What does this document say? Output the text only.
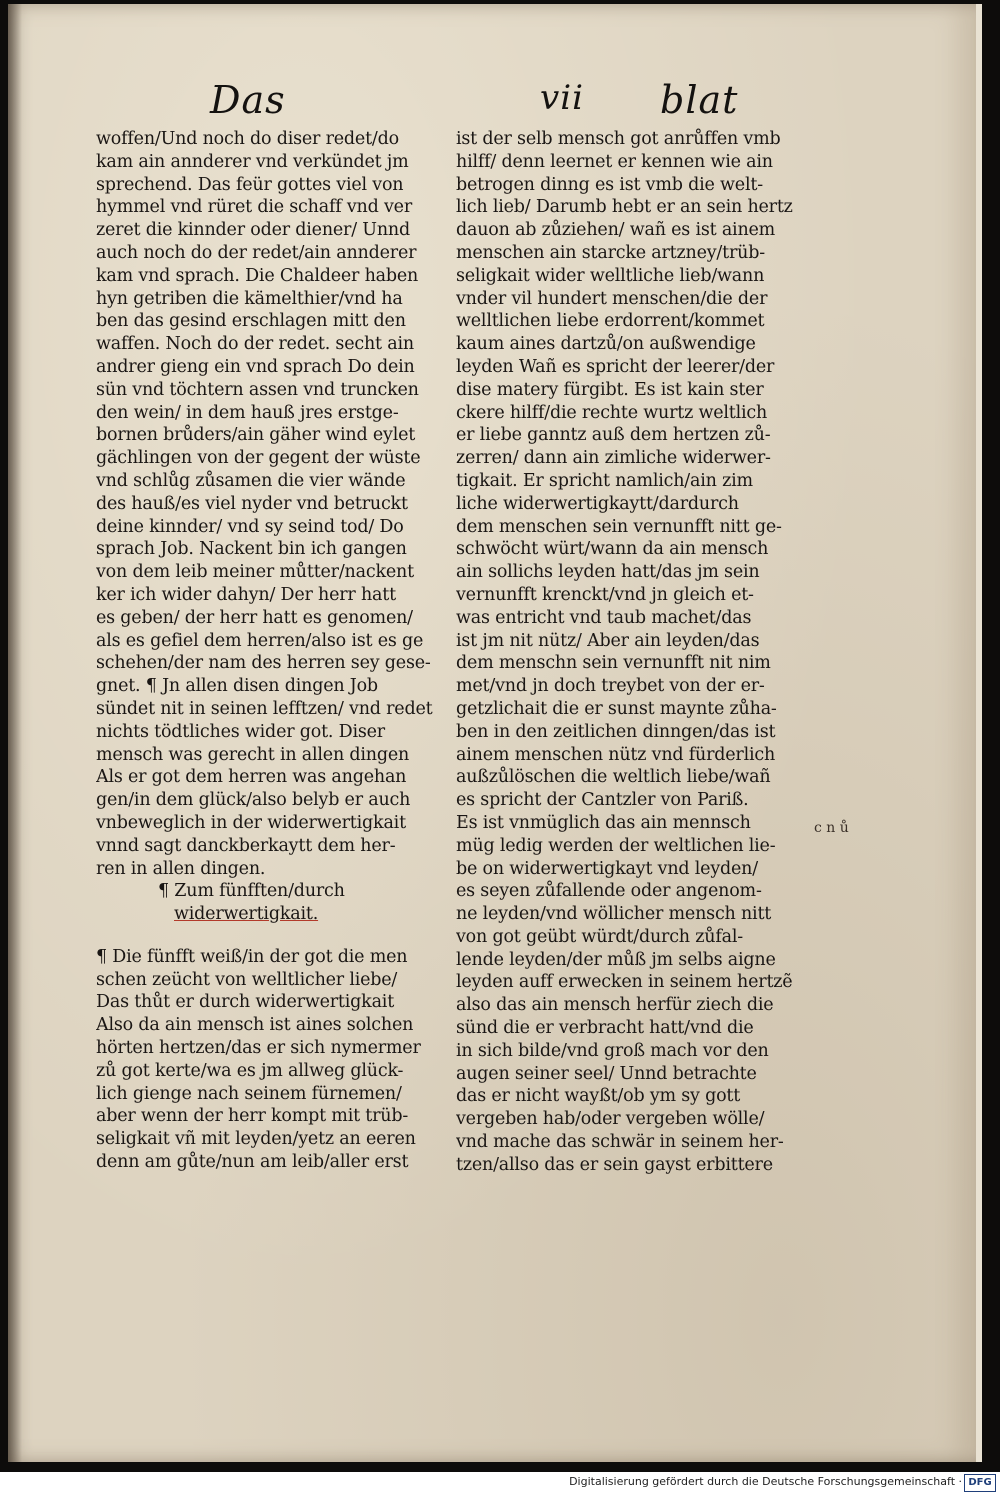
Das	vii blat
woffen/Und noch do diser redet/do
kam ain annderer vnd verkündet jm
sprechend. Das feür gottes viel von
hymmel vnd rüret die schaff vnd ver
zeret die kinnder oder diener/ Unnd
auch noch do der redet/ain annderer
kam vnd sprach. Die Chaldeer haben
hyn getriben die kämelthier/vnd ha
ben das gesind erschlagen mitt den
waffen. Noch do der redet. secht ain
andrer gieng ein vnd sprach Do dein
sün vnd töchtern assen vnd truncken
den wein/ in dem hauß jres erstge-
bornen brůders/ain gäher wind eylet
gächlingen von der gegent der wüste
vnd schlůg zůsamen die vier wände
des hauß/es viel nyder vnd betruckt
deine kinnder/ vnd sy seind tod/ Do
sprach Job. Nackent bin ich gangen
von dem leib meiner můtter/nackent
ker ich wider dahyn/ Der herr hatt
es geben/ der herr hatt es genomen/
als es gefiel dem herren/also ist es ge
schehen/der nam des herren sey gese-
gnet. ¶ Jn allen disen dingen Job
sündet nit in seinen lefftzen/ vnd redet
nichts tödtliches wider got. Diser
mensch was gerecht in allen dingen
Als er got dem herren was angehan
gen/in dem glück/also belyb er auch
vnbeweglich in der widerwertigkait
vnnd sagt danckberkaytt dem her-
ren in allen dingen.
¶ Zum fünfften/durch
widerwertigkait.
¶ Die fünfft weiß/in der got die men
schen zeücht von welltlicher liebe/
Das thůt er durch widerwertigkait
Also da ain mensch ist aines solchen
hörten hertzen/das er sich nymermer
zů got kerte/wa es jm allweg glück-
lich gienge nach seinem fürnemen/
aber wenn der herr kompt mit trüb-
seligkait vñ mit leyden/yetz an eeren
denn am gůte/nun am leib/aller erst
ist der selb mensch got anrůffen vmb
hilff/ denn leernet er kennen wie ain
betrogen dinng es ist vmb die welt-
lich lieb/ Darumb hebt er an sein hertz
dauon ab zůziehen/ wañ es ist ainem
menschen ain starcke artzney/trüb-
seligkait wider welltliche lieb/wann
vnder vil hundert menschen/die der
welltlichen liebe erdorrent/kommet
kaum aines dartzů/on außwendige
leyden Wañ es spricht der leerer/der
dise matery fürgibt. Es ist kain ster
ckere hilff/die rechte wurtz weltlich
er liebe ganntz auß dem hertzen zů-
zerren/ dann ain zimliche widerwer-
tigkait. Er spricht namlich/ain zim
liche widerwertigkaytt/dardurch
dem menschen sein vernunfft nitt ge-
schwöcht würt/wann da ain mensch
ain sollichs leyden hatt/das jm sein
vernunfft krenckt/vnd jn gleich et-
was entricht vnd taub machet/das
ist jm nit nütz/ Aber ain leyden/das
dem menschn sein vernunfft nit nim
met/vnd jn doch treybet von der er-
getzlichait die er sunst maynte zůha-
ben in den zeitlichen dinngen/das ist
ainem menschen nütz vnd fürderlich
außzůlöschen die weltlich liebe/wañ
es spricht der Cantzler von Pariß.
Es ist vnmüglich das ain mennsch
müg ledig werden der weltlichen lie-
be on widerwertigkayt vnd leyden/
es seyen zůfallende oder angenom-
ne leyden/vnd wöllicher mensch nitt
von got geübt würdt/durch zůfal-
lende leyden/der můß jm selbs aigne
leyden auff erwecken in seinem hertzẽ
also das ain mensch herfür ziech die
sünd die er verbracht hatt/vnd die
in sich bilde/vnd groß mach vor den
augen seiner seel/ Unnd betrachte
das er nicht wayßt/ob ym sy gott
vergeben hab/oder vergeben wölle/
vnd mache das schwär in seinem her-
tzen/allso das er sein gayst erbittere
c n ů
Digitalisierung gefördert durch die Deutsche Forschungsgemeinschaft · DFG
